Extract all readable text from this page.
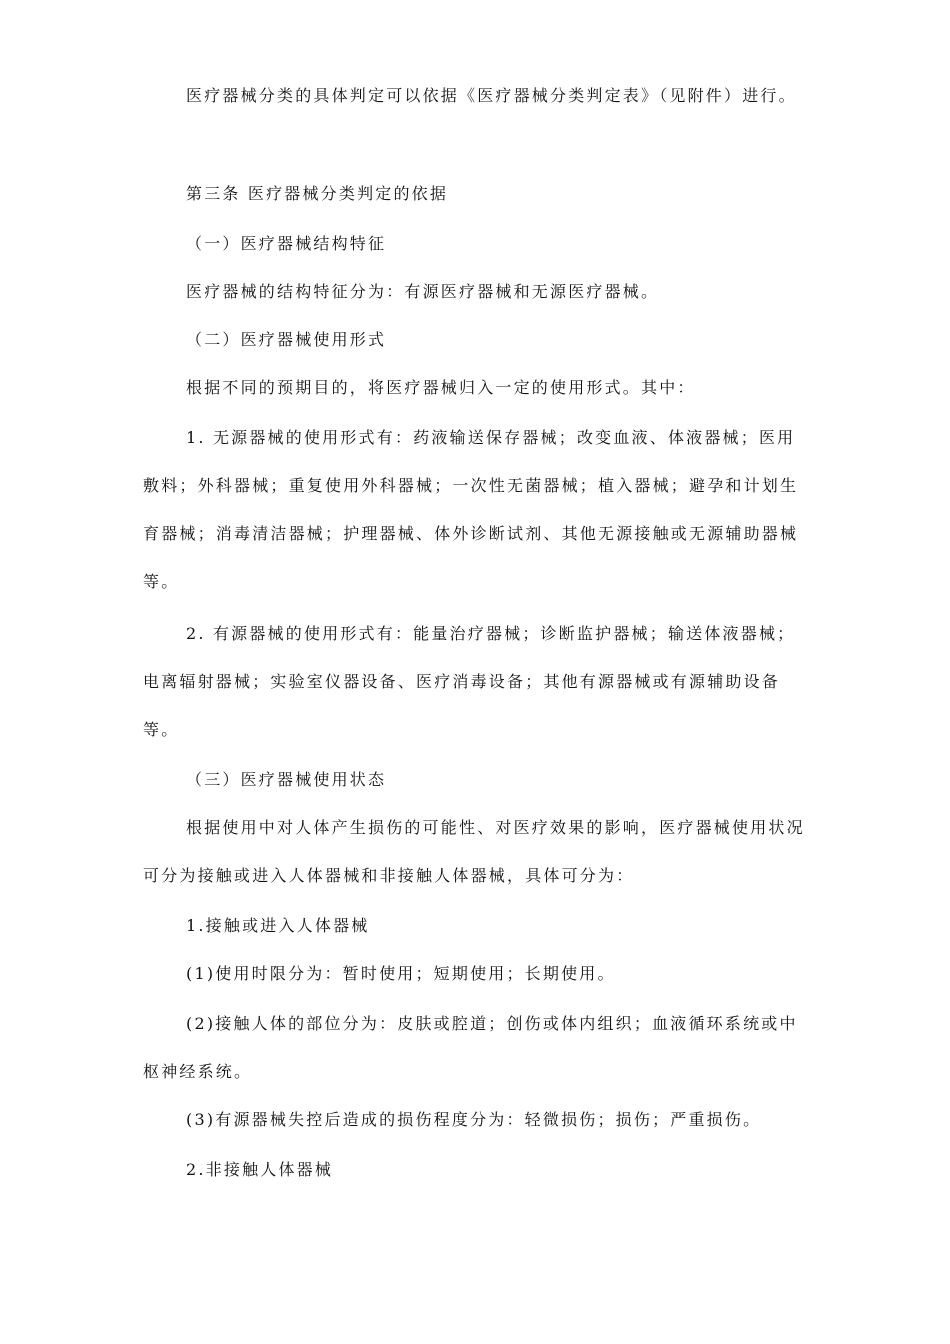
医疗器械分类的具体判定可以依据《医疗器械分类判定表》（见附件）进行。
第三条 医疗器械分类判定的依据
（一）医疗器械结构特征
医疗器械的结构特征分为：有源医疗器械和无源医疗器械。
（二）医疗器械使用形式
根据不同的预期目的，将医疗器械归入一定的使用形式。其中：
1. 无源器械的使用形式有：药液输送保存器械；改变血液、体液器械；医用敷料；外科器械；重复使用外科器械；一次性无菌器械；植入器械；避孕和计划生育器械；消毒清洁器械；护理器械、体外诊断试剂、其他无源接触或无源辅助器械等。
2. 有源器械的使用形式有：能量治疗器械；诊断监护器械；输送体液器械；电离辐射器械；实验室仪器设备、医疗消毒设备；其他有源器械或有源辅助设备等。
（三）医疗器械使用状态
根据使用中对人体产生损伤的可能性、对医疗效果的影响，医疗器械使用状况可分为接触或进入人体器械和非接触人体器械，具体可分为：
1.接触或进入人体器械
(1)使用时限分为：暂时使用；短期使用；长期使用。
(2)接触人体的部位分为：皮肤或腔道；创伤或体内组织；血液循环系统或中枢神经系统。
(3)有源器械失控后造成的损伤程度分为：轻微损伤；损伤；严重损伤。
2.非接触人体器械
